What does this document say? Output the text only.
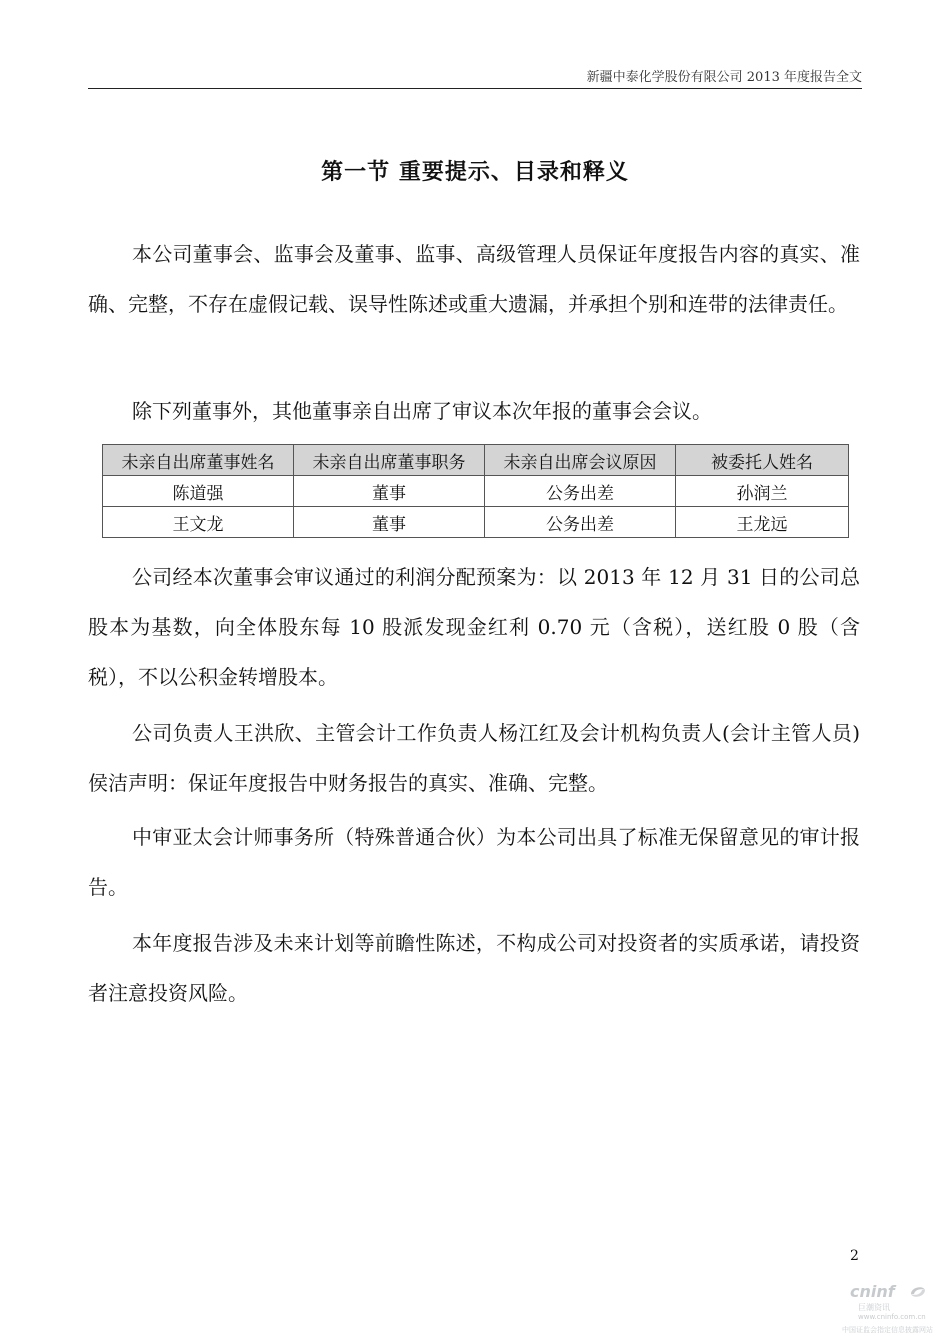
新疆中泰化学股份有限公司 2013 年度报告全文
第一节 重要提示、目录和释义

本公司董事会、监事会及董事、监事、高级管理人员保证年度报告内容的真实、准确、完整，不存在虚假记载、误导性陈述或重大遗漏，并承担个别和连带的法律责任。

除下列董事外，其他董事亲自出席了审议本次年报的董事会会议。

未亲自出席董事姓名	未亲自出席董事职务	未亲自出席会议原因	被委托人姓名
陈道强	董事	公务出差	孙润兰
王文龙	董事	公务出差	王龙远

公司经本次董事会审议通过的利润分配预案为：以 2013 年 12 月 31 日的公司总股本为基数，向全体股东每 10 股派发现金红利 0.70 元（含税），送红股 0 股（含税），不以公积金转增股本。

公司负责人王洪欣、主管会计工作负责人杨江红及会计机构负责人(会计主管人员)侯洁声明：保证年度报告中财务报告的真实、准确、完整。

中审亚太会计师事务所（特殊普通合伙）为本公司出具了标准无保留意见的审计报告。

本年度报告涉及未来计划等前瞻性陈述，不构成公司对投资者的实质承诺，请投资者注意投资风险。

2
cninf
巨潮资讯
www.cninfo.com.cn
中国证监会指定信息披露网站
